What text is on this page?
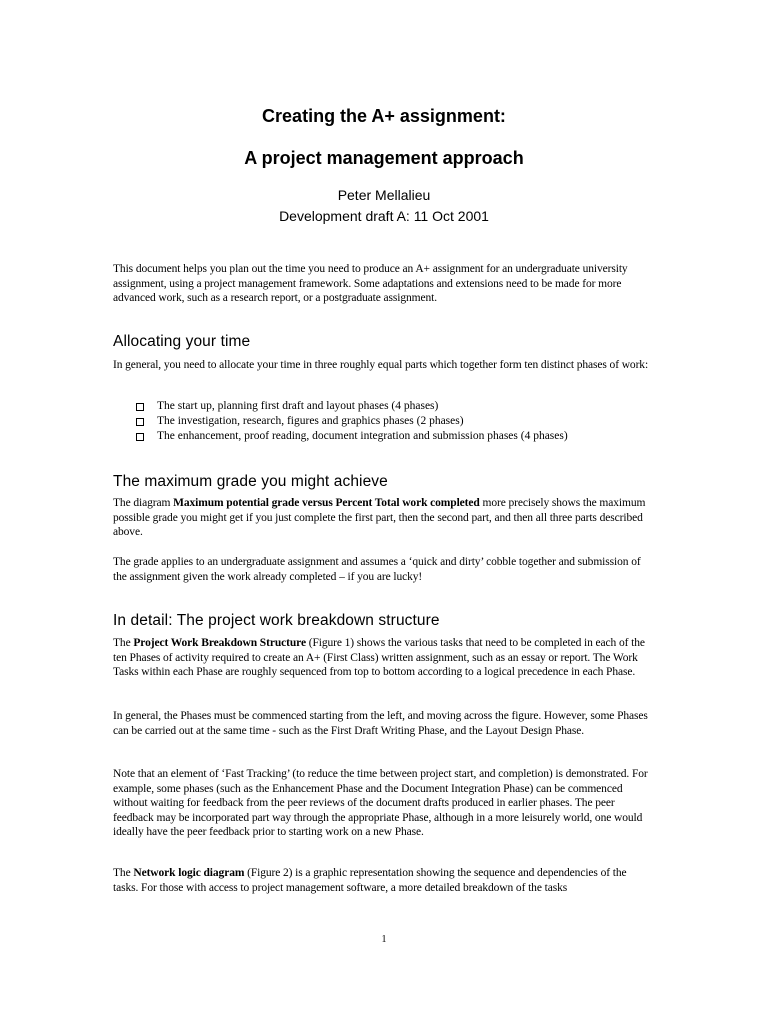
Creating the A+ assignment:
A project management approach
Peter Mellalieu
Development draft A: 11 Oct 2001
This document helps you plan out the time you need to produce an A+ assignment for an undergraduate university assignment, using a project management framework. Some adaptations and extensions need to be made for more advanced work, such as a research report, or a postgraduate assignment.
Allocating your time
In general, you need to allocate your time in three roughly equal parts which together form ten distinct phases of work:
The start up, planning first draft and layout phases (4 phases)
The investigation, research, figures and graphics phases (2 phases)
The enhancement, proof reading, document integration and submission phases (4 phases)
The maximum grade you might achieve
The diagram Maximum potential grade versus Percent Total work completed more precisely shows the maximum possible grade you might get if you just complete the first part, then the second part, and then all three parts described above.
The grade applies to an undergraduate assignment and assumes a ‘quick and dirty’ cobble together and submission of the assignment given the work already completed – if you are lucky!
In detail: The project work breakdown structure
The Project Work Breakdown Structure (Figure 1) shows the various tasks that need to be completed in each of the ten Phases of activity required to create an A+ (First Class) written assignment, such as an essay or report. The Work Tasks within each Phase are roughly sequenced from top to bottom according to a logical precedence in each Phase.
In general, the Phases must be commenced starting from the left, and moving across the figure. However, some Phases can be carried out at the same time - such as the First Draft Writing Phase, and the Layout Design Phase.
Note that an element of ‘Fast Tracking’ (to reduce the time between project start, and completion) is demonstrated. For example, some phases (such as the Enhancement Phase and the Document Integration Phase) can be commenced without waiting for feedback from the peer reviews of the document drafts produced in earlier phases. The peer feedback may be incorporated part way through the appropriate Phase, although in a more leisurely world, one would ideally have the peer feedback prior to starting work on a new Phase.
The Network logic diagram (Figure 2) is a graphic representation showing the sequence and dependencies of the tasks. For those with access to project management software, a more detailed breakdown of the tasks
1
